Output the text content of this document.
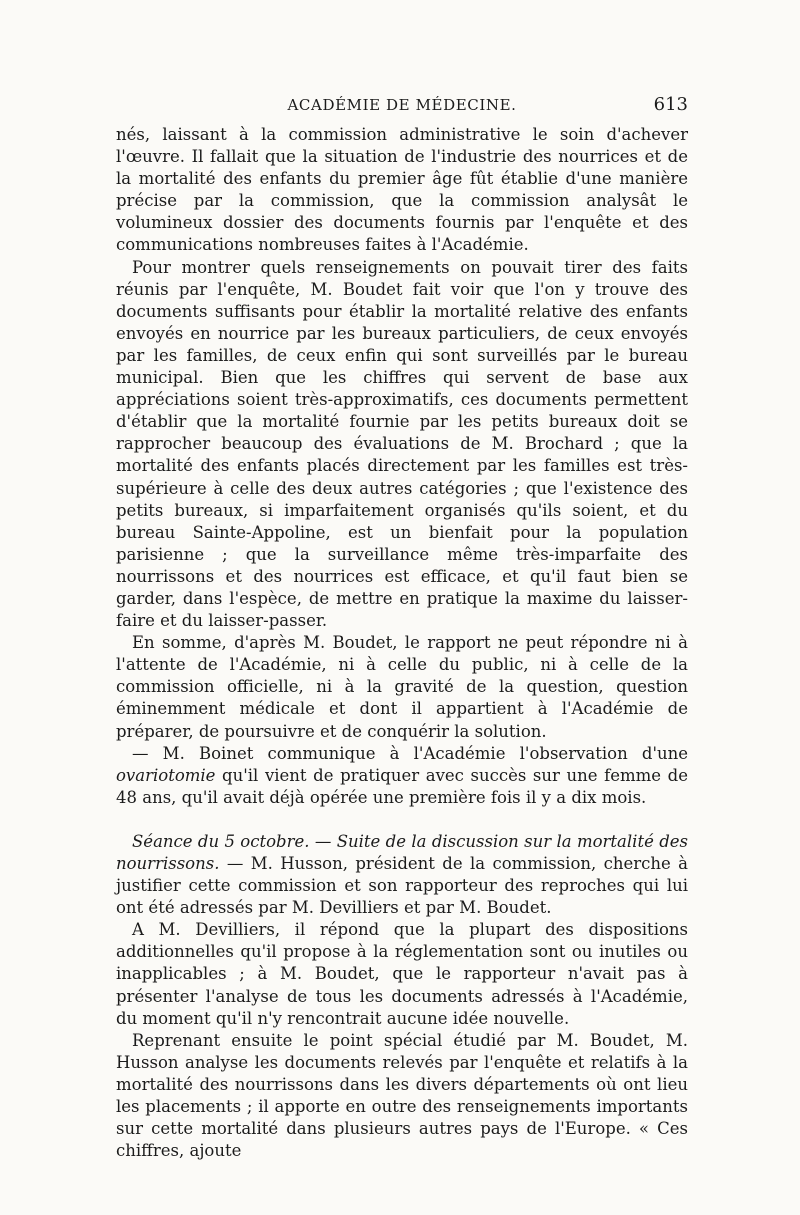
ACADÉMIE DE MÉDECINE.	613

nés, laissant à la commission administrative le soin d'achever l'œuvre. Il fallait que la situation de l'industrie des nourrices et de la mortalité des enfants du premier âge fût établie d'une manière précise par la commission, que la commission analysât le volumineux dossier des documents fournis par l'enquête et des communications nombreuses faites à l'Académie.

Pour montrer quels renseignements on pouvait tirer des faits réunis par l'enquête, M. Boudet fait voir que l'on y trouve des documents suffisants pour établir la mortalité relative des enfants envoyés en nourrice par les bureaux particuliers, de ceux envoyés par les familles, de ceux enfin qui sont surveillés par le bureau municipal. Bien que les chiffres qui servent de base aux appréciations soient très-approximatifs, ces documents permettent d'établir que la mortalité fournie par les petits bureaux doit se rapprocher beaucoup des évaluations de M. Brochard ; que la mortalité des enfants placés directement par les familles est très-supérieure à celle des deux autres catégories ; que l'existence des petits bureaux, si imparfaitement organisés qu'ils soient, et du bureau Sainte-Appoline, est un bienfait pour la population parisienne ; que la surveillance même très-imparfaite des nourrissons et des nourrices est efficace, et qu'il faut bien se garder, dans l'espèce, de mettre en pratique la maxime du laisser-faire et du laisser-passer.

En somme, d'après M. Boudet, le rapport ne peut répondre ni à l'attente de l'Académie, ni à celle du public, ni à celle de la commission officielle, ni à la gravité de la question, question éminemment médicale et dont il appartient à l'Académie de préparer, de poursuivre et de conquérir la solution.

— M. Boinet communique à l'Académie l'observation d'une ovariotomie qu'il vient de pratiquer avec succès sur une femme de 48 ans, qu'il avait déjà opérée une première fois il y a dix mois.

Séance du 5 octobre. — Suite de la discussion sur la mortalité des nourrissons. — M. Husson, président de la commission, cherche à justifier cette commission et son rapporteur des reproches qui lui ont été adressés par M. Devilliers et par M. Boudet.

A M. Devilliers, il répond que la plupart des dispositions additionnelles qu'il propose à la réglementation sont ou inutiles ou inapplicables ; à M. Boudet, que le rapporteur n'avait pas à présenter l'analyse de tous les documents adressés à l'Académie, du moment qu'il n'y rencontrait aucune idée nouvelle.

Reprenant ensuite le point spécial étudié par M. Boudet, M. Husson analyse les documents relevés par l'enquête et relatifs à la mortalité des nourrissons dans les divers départements où ont lieu les placements ; il apporte en outre des renseignements importants sur cette mortalité dans plusieurs autres pays de l'Europe. « Ces chiffres, ajoute
